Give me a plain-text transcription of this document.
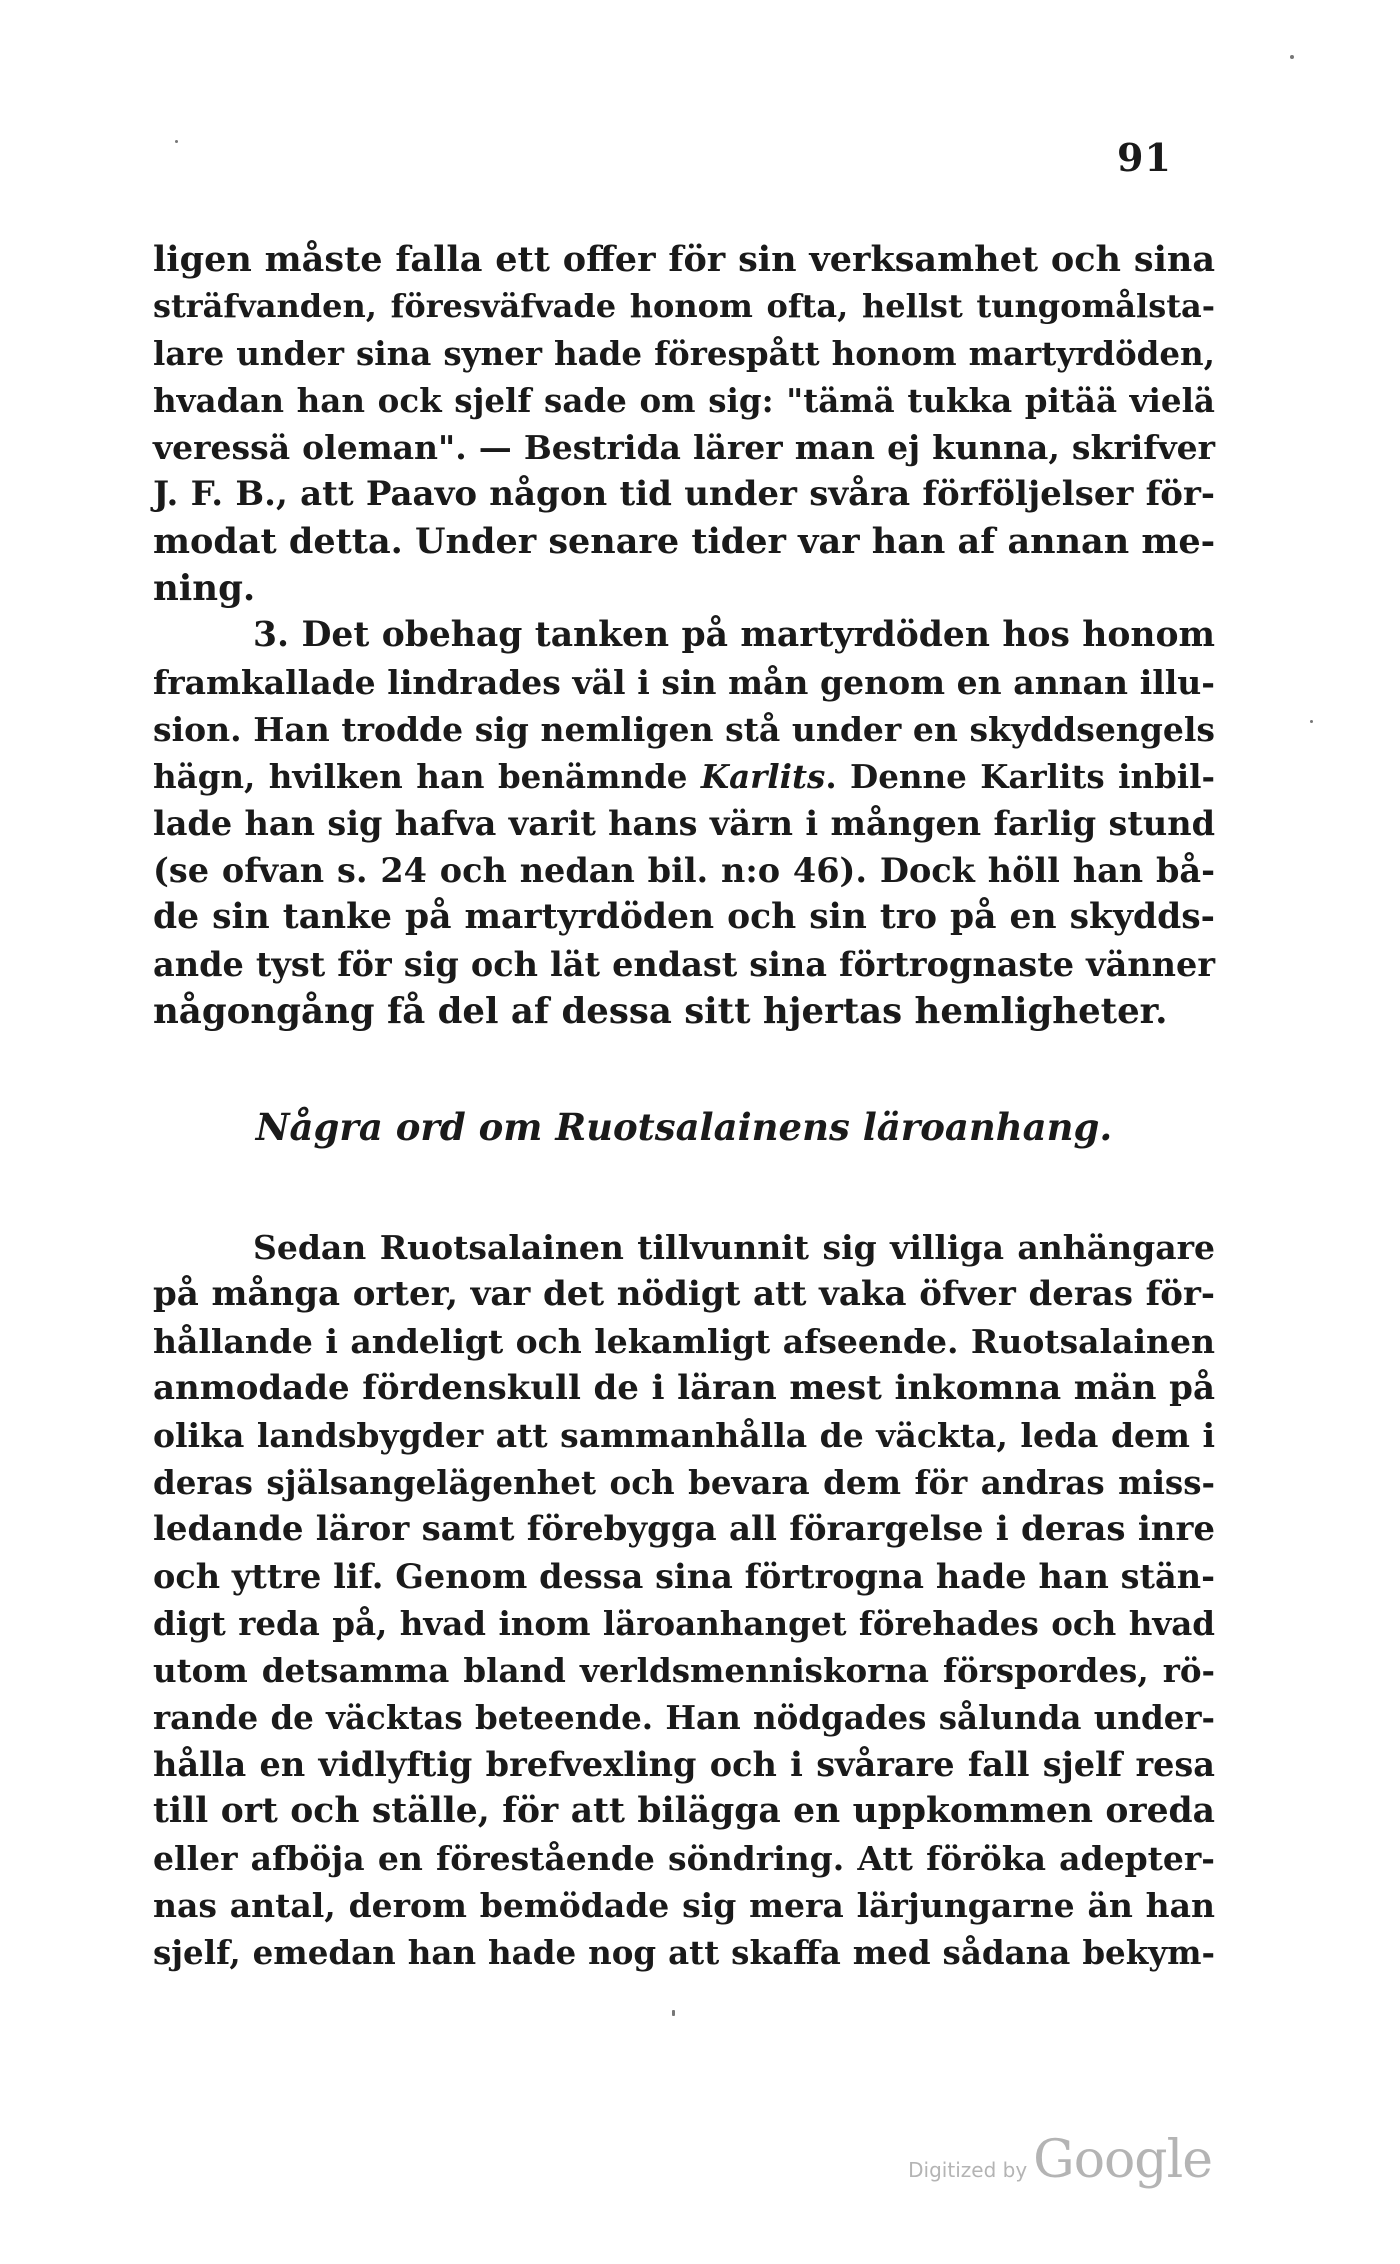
91
ligen måste falla ett offer för sin verksamhet och sina
sträfvanden, föresväfvade honom ofta, hellst tungomålsta-
lare under sina syner hade förespått honom martyrdöden,
hvadan han ock sjelf sade om sig: "tämä tukka pitää vielä
veressä oleman". — Bestrida lärer man ej kunna, skrifver
J. F. B., att Paavo någon tid under svåra förföljelser för-
modat detta. Under senare tider var han af annan me-
ning.
3. Det obehag tanken på martyrdöden hos honom
framkallade lindrades väl i sin mån genom en annan illu-
sion. Han trodde sig nemligen stå under en skyddsengels
hägn, hvilken han benämnde Karlits. Denne Karlits inbil-
lade han sig hafva varit hans värn i mången farlig stund
(se ofvan s. 24 och nedan bil. n:o 46). Dock höll han bå-
de sin tanke på martyrdöden och sin tro på en skydds-
ande tyst för sig och lät endast sina förtrognaste vänner
någongång få del af dessa sitt hjertas hemligheter.
Några ord om Ruotsalainens läroanhang.
Sedan Ruotsalainen tillvunnit sig villiga anhängare
på många orter, var det nödigt att vaka öfver deras för-
hållande i andeligt och lekamligt afseende. Ruotsalainen
anmodade fördenskull de i läran mest inkomna män på
olika landsbygder att sammanhålla de väckta, leda dem i
deras själsangelägenhet och bevara dem för andras miss-
ledande läror samt förebygga all förargelse i deras inre
och yttre lif. Genom dessa sina förtrogna hade han stän-
digt reda på, hvad inom läroanhanget förehades och hvad
utom detsamma bland verldsmenniskorna förspordes, rö-
rande de väcktas beteende. Han nödgades sålunda under-
hålla en vidlyftig brefvexling och i svårare fall sjelf resa
till ort och ställe, för att bilägga en uppkommen oreda
eller afböja en förestående söndring. Att föröka adepter-
nas antal, derom bemödade sig mera lärjungarne än han
sjelf, emedan han hade nog att skaffa med sådana bekym-
Digitized by Google
